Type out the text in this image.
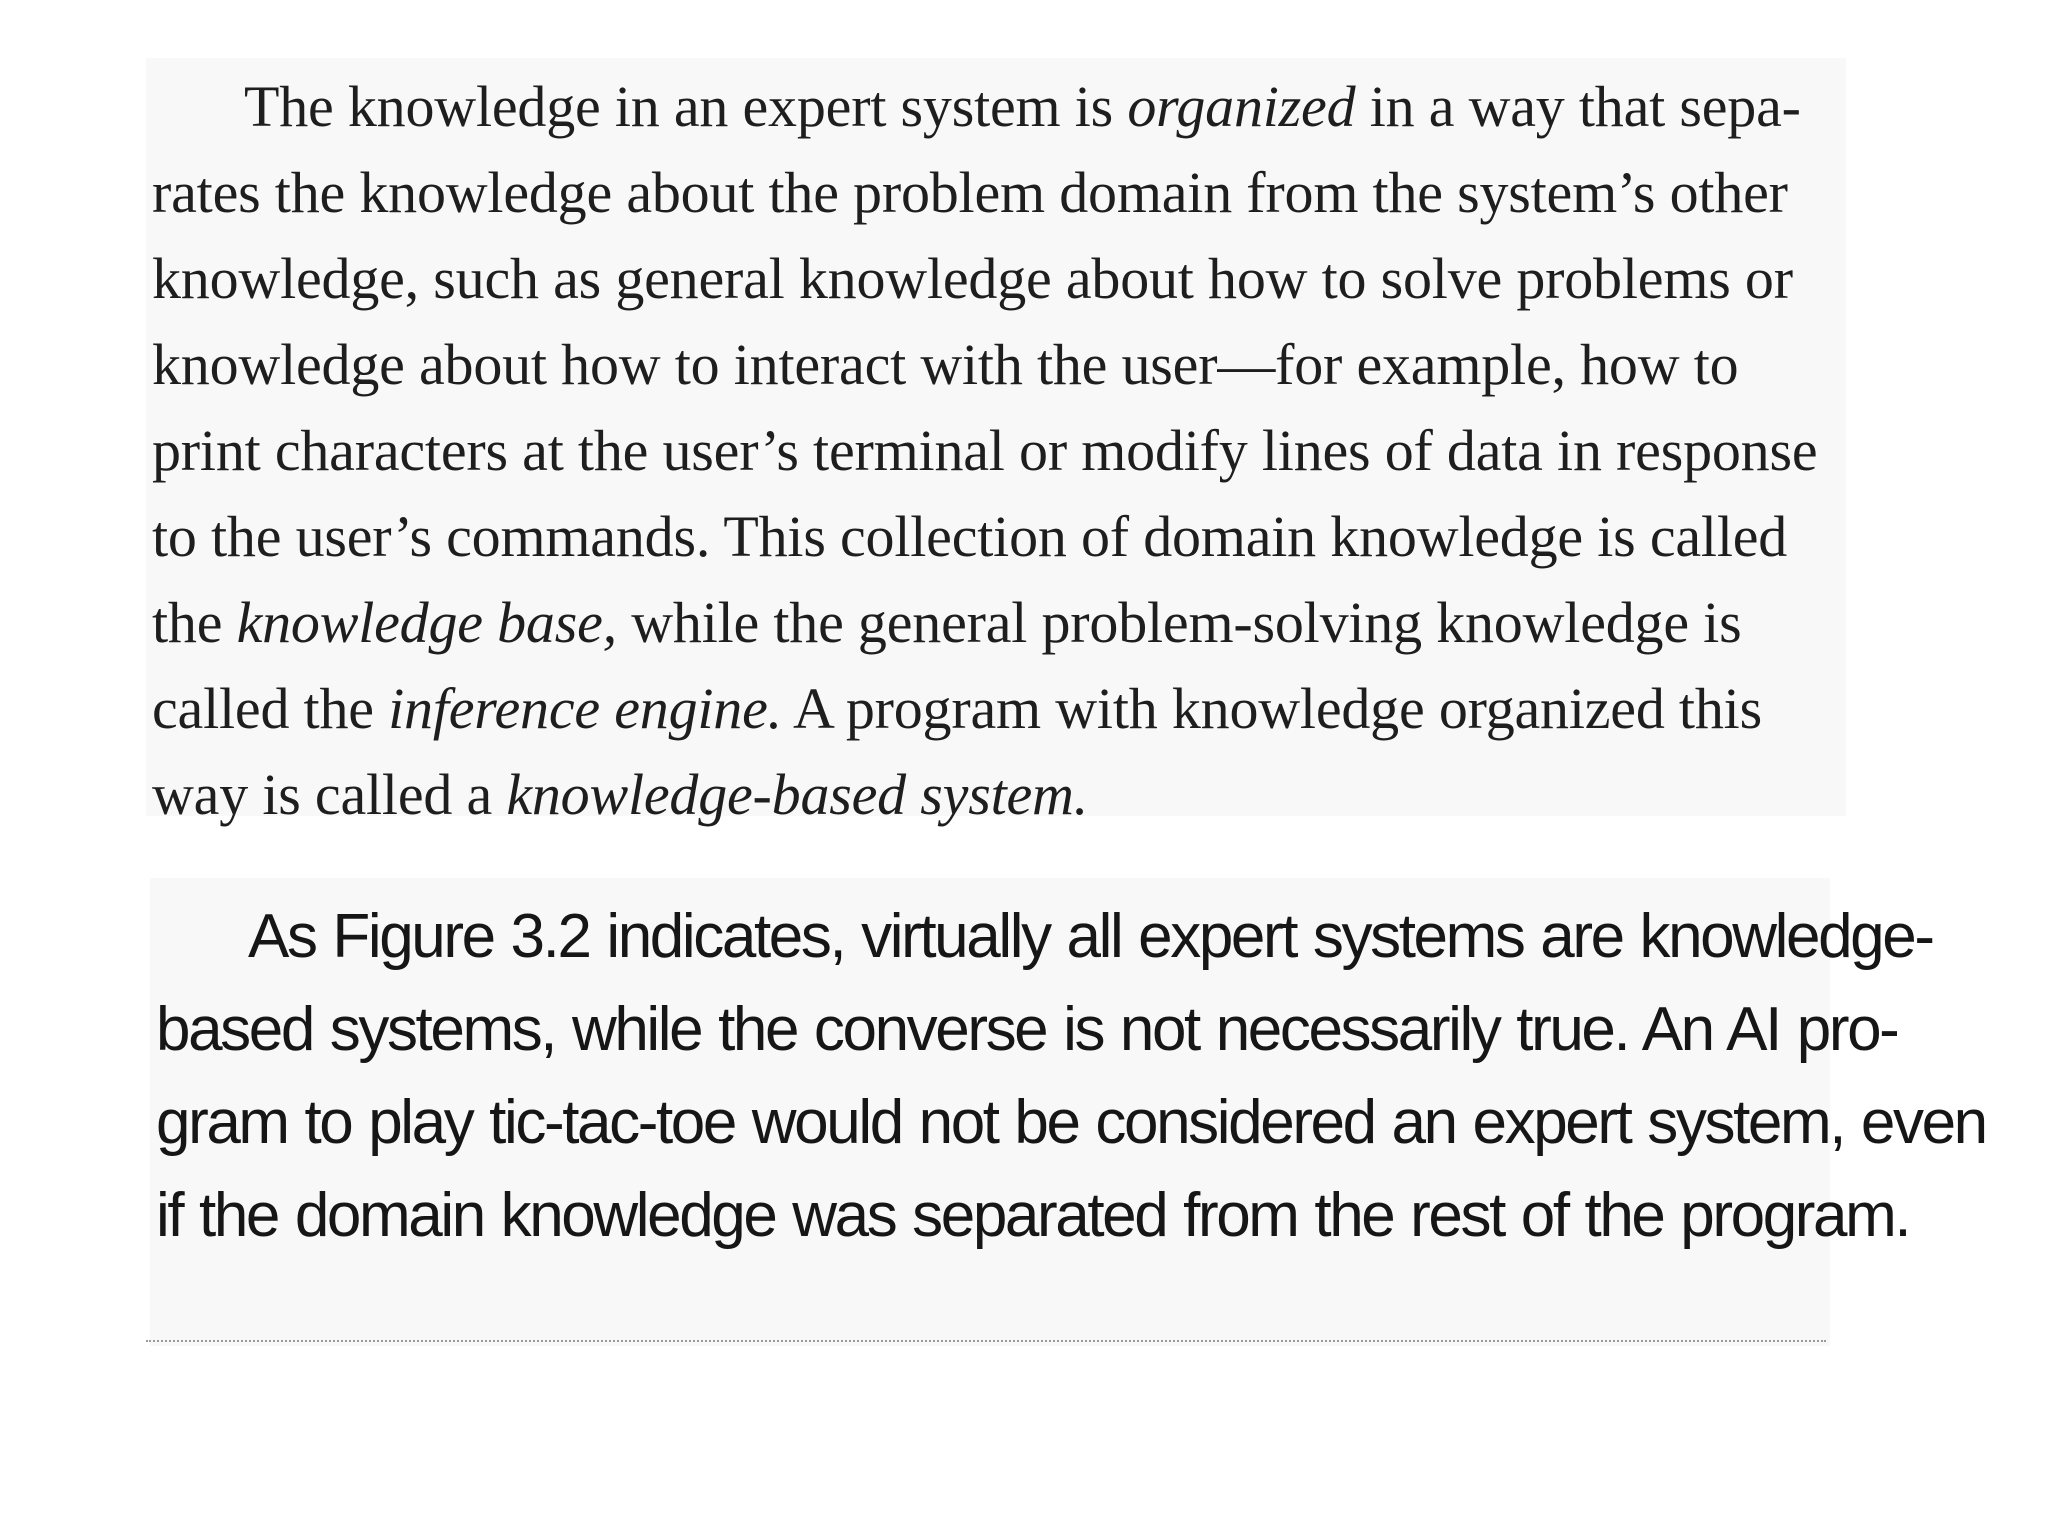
The knowledge in an expert system is organized in a way that sepa-
rates the knowledge about the problem domain from the system’s other
knowledge, such as general knowledge about how to solve problems or
knowledge about how to interact with the user—for example, how to
print characters at the user’s terminal or modify lines of data in response
to the user’s commands. This collection of domain knowledge is called
the knowledge base, while the general problem-solving knowledge is
called the inference engine. A program with knowledge organized this
way is called a knowledge-based system.
As Figure 3.2 indicates, virtually all expert systems are knowledge-
based systems, while the converse is not necessarily true. An AI pro-
gram to play tic-tac-toe would not be considered an expert system, even
if the domain knowledge was separated from the rest of the program.
